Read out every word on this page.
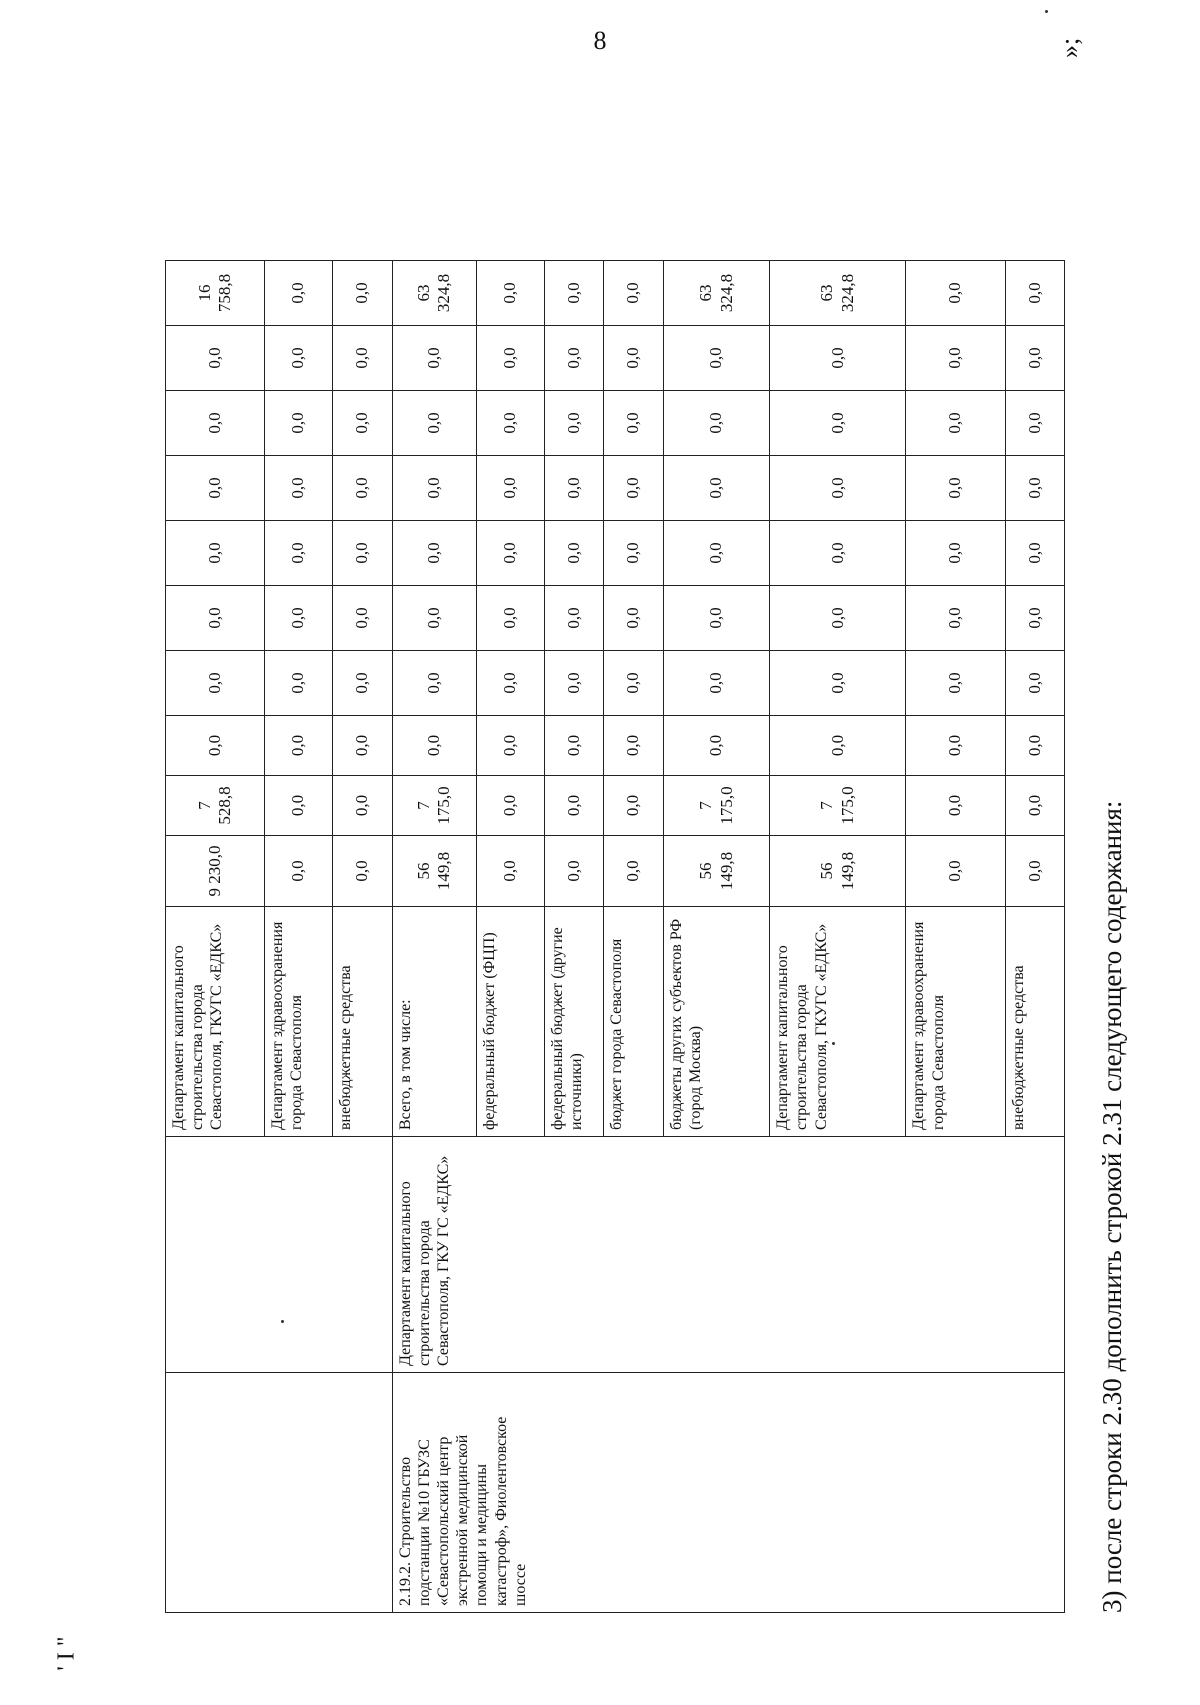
8
		Департамент капитального строительства города Севастополя, ГКУГС «ЕДКС»	9 230,0	7 528,8	0,0	0,0	0,0	0,0	0,0	0,0	0,0	16 758,8
		Департамент здравоохранения города Севастополя	0,0	0,0	0,0	0,0	0,0	0,0	0,0	0,0	0,0	0,0
		внебюджетные средства	0,0	0,0	0,0	0,0	0,0	0,0	0,0	0,0	0,0	0,0
2.19.2. Строительство подстанции №10 ГБУЗС «Севастопольский центр экстренной медицинской помощи и медицины катастроф», Фиолентовское шоссе	Департамент капитального строительства города Севастополя, ГКУ ГС «ЕДКС»	Всего, в том числе:	56 149,8	7 175,0	0,0	0,0	0,0	0,0	0,0	0,0	0,0	63 324,8
		федеральный бюджет (ФЦП)	0,0	0,0	0,0	0,0	0,0	0,0	0,0	0,0	0,0	0,0
		федеральный бюджет (другие источники)	0,0	0,0	0,0	0,0	0,0	0,0	0,0	0,0	0,0	0,0
		бюджет города Севастополя	0,0	0,0	0,0	0,0	0,0	0,0	0,0	0,0	0,0	0,0
		бюджеты других субъектов РФ (город Москва)	56 149,8	7 175,0	0,0	0,0	0,0	0,0	0,0	0,0	0,0	63 324,8
		Департамент капитального строительства города Севастополя, ГКУГС «ЕДКС»	56 149,8	7 175,0	0,0	0,0	0,0	0,0	0,0	0,0	0,0	63 324,8
		Департамент здравоохранения города Севастополя	0,0	0,0	0,0	0,0	0,0	0,0	0,0	0,0	0,0	0,0
		внебюджетные средства	0,0	0,0	0,0	0,0	0,0	0,0	0,0	0,0	0,0	0,0
3) после строки 2.30 дополнить строкой 2.31 следующего содержания:
»;
' I "
